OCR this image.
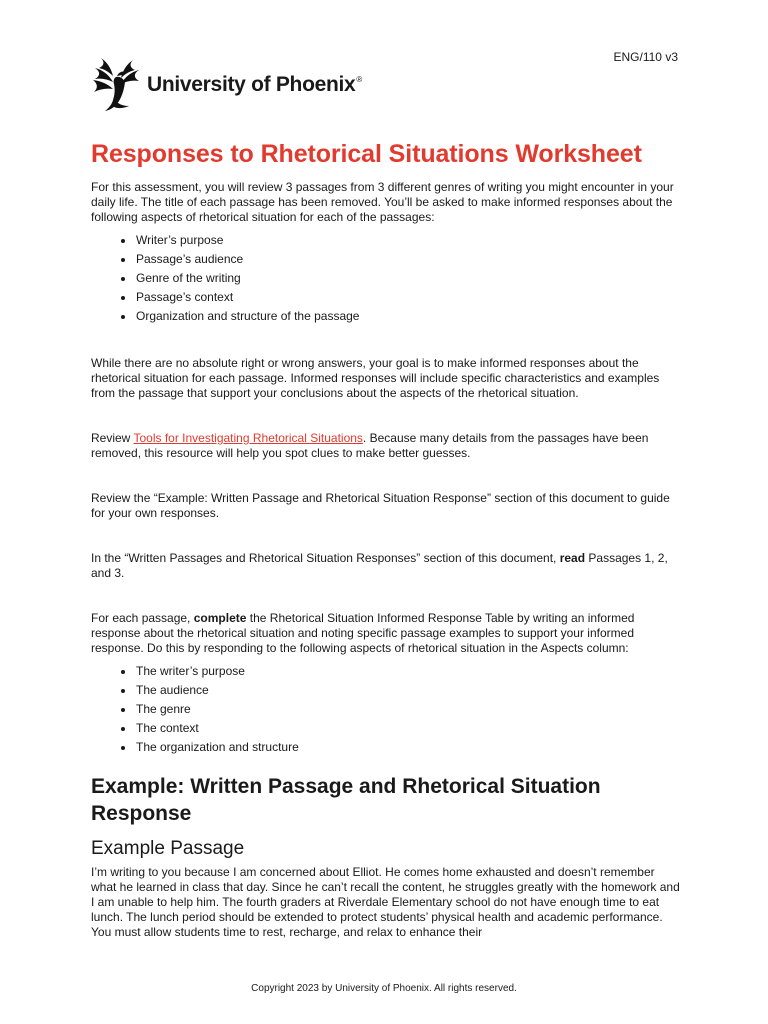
ENG/110 v3
University of Phoenix®
Responses to Rhetorical Situations Worksheet

For this assessment, you will review 3 passages from 3 different genres of writing you might encounter in your daily life. The title of each passage has been removed. You’ll be asked to make informed responses about the following aspects of rhetorical situation for each of the passages:

• Writer’s purpose
• Passage’s audience
• Genre of the writing
• Passage’s context
• Organization and structure of the passage

While there are no absolute right or wrong answers, your goal is to make informed responses about the rhetorical situation for each passage. Informed responses will include specific characteristics and examples from the passage that support your conclusions about the aspects of the rhetorical situation.

Review Tools for Investigating Rhetorical Situations. Because many details from the passages have been removed, this resource will help you spot clues to make better guesses.

Review the “Example: Written Passage and Rhetorical Situation Response” section of this document to guide for your own responses.

In the “Written Passages and Rhetorical Situation Responses” section of this document, read Passages 1, 2, and 3.

For each passage, complete the Rhetorical Situation Informed Response Table by writing an informed response about the rhetorical situation and noting specific passage examples to support your informed response. Do this by responding to the following aspects of rhetorical situation in the Aspects column:

• The writer’s purpose
• The audience
• The genre
• The context
• The organization and structure
Example: Written Passage and Rhetorical Situation Response
Example Passage

I’m writing to you because I am concerned about Elliot. He comes home exhausted and doesn’t remember what he learned in class that day. Since he can’t recall the content, he struggles greatly with the homework and I am unable to help him. The fourth graders at Riverdale Elementary school do not have enough time to eat lunch. The lunch period should be extended to protect students’ physical health and academic performance. You must allow students time to rest, recharge, and relax to enhance their

Copyright 2023 by University of Phoenix. All rights reserved.
